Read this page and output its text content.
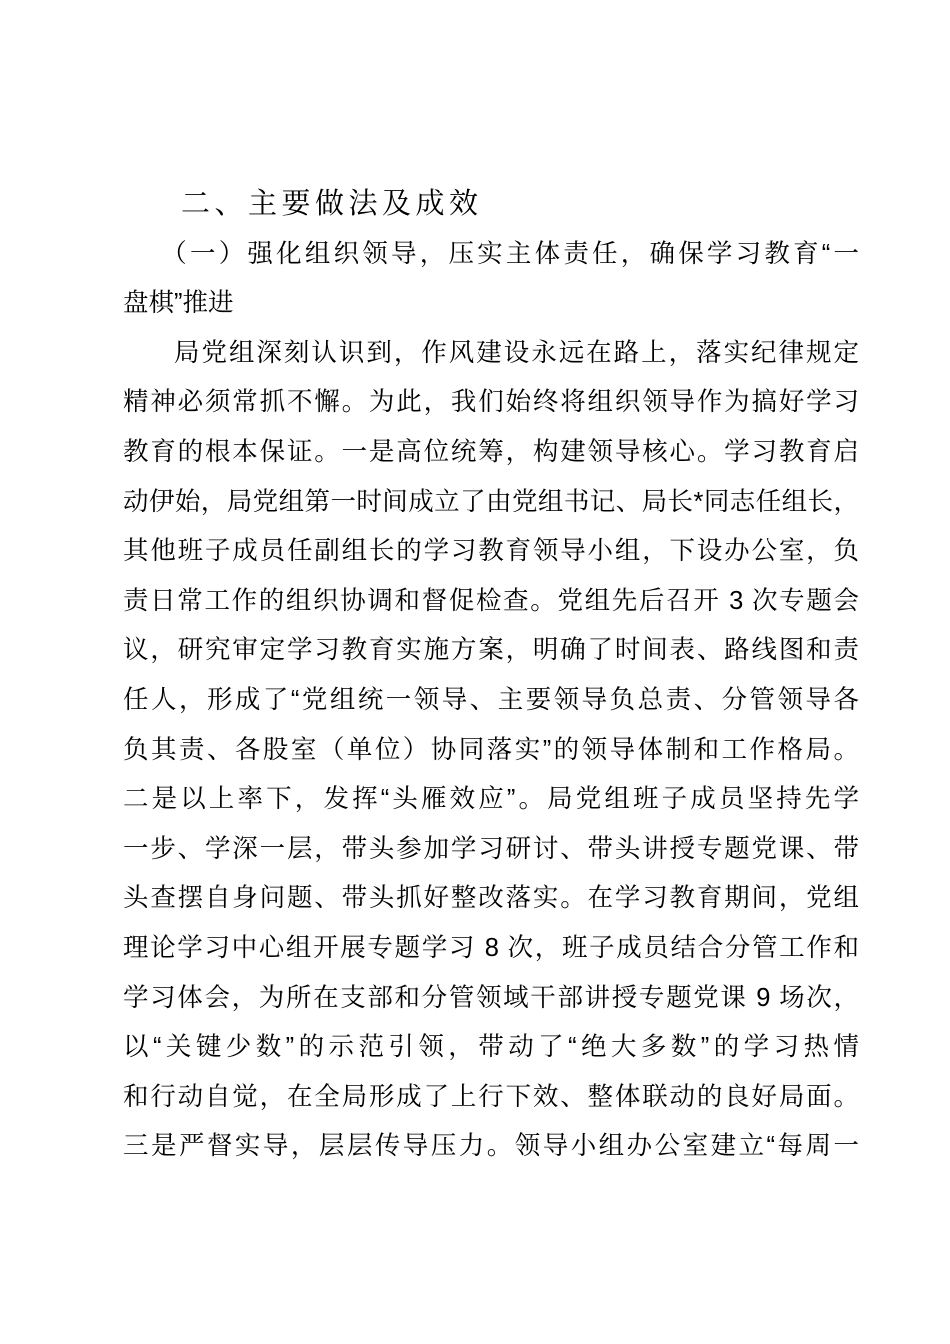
二、主要做法及成效
（一）强化组织领导，压实主体责任，确保学习教育“一
盘棋”推进
局党组深刻认识到，作风建设永远在路上，落实纪律规定
精神必须常抓不懈。为此，我们始终将组织领导作为搞好学习
教育的根本保证。一是高位统筹，构建领导核心。学习教育启
动伊始，局党组第一时间成立了由党组书记、局长*同志任组长，
其他班子成员任副组长的学习教育领导小组，下设办公室，负
责日常工作的组织协调和督促检查。党组先后召开 3 次专题会
议，研究审定学习教育实施方案，明确了时间表、路线图和责
任人，形成了“党组统一领导、主要领导负总责、分管领导各
负其责、各股室（单位）协同落实”的领导体制和工作格局。
二是以上率下，发挥“头雁效应”。局党组班子成员坚持先学
一步、学深一层，带头参加学习研讨、带头讲授专题党课、带
头查摆自身问题、带头抓好整改落实。在学习教育期间，党组
理论学习中心组开展专题学习 8 次，班子成员结合分管工作和
学习体会，为所在支部和分管领域干部讲授专题党课 9 场次，
以“关键少数”的示范引领，带动了“绝大多数”的学习热情
和行动自觉，在全局形成了上行下效、整体联动的良好局面。
三是严督实导，层层传导压力。领导小组办公室建立“每周一
